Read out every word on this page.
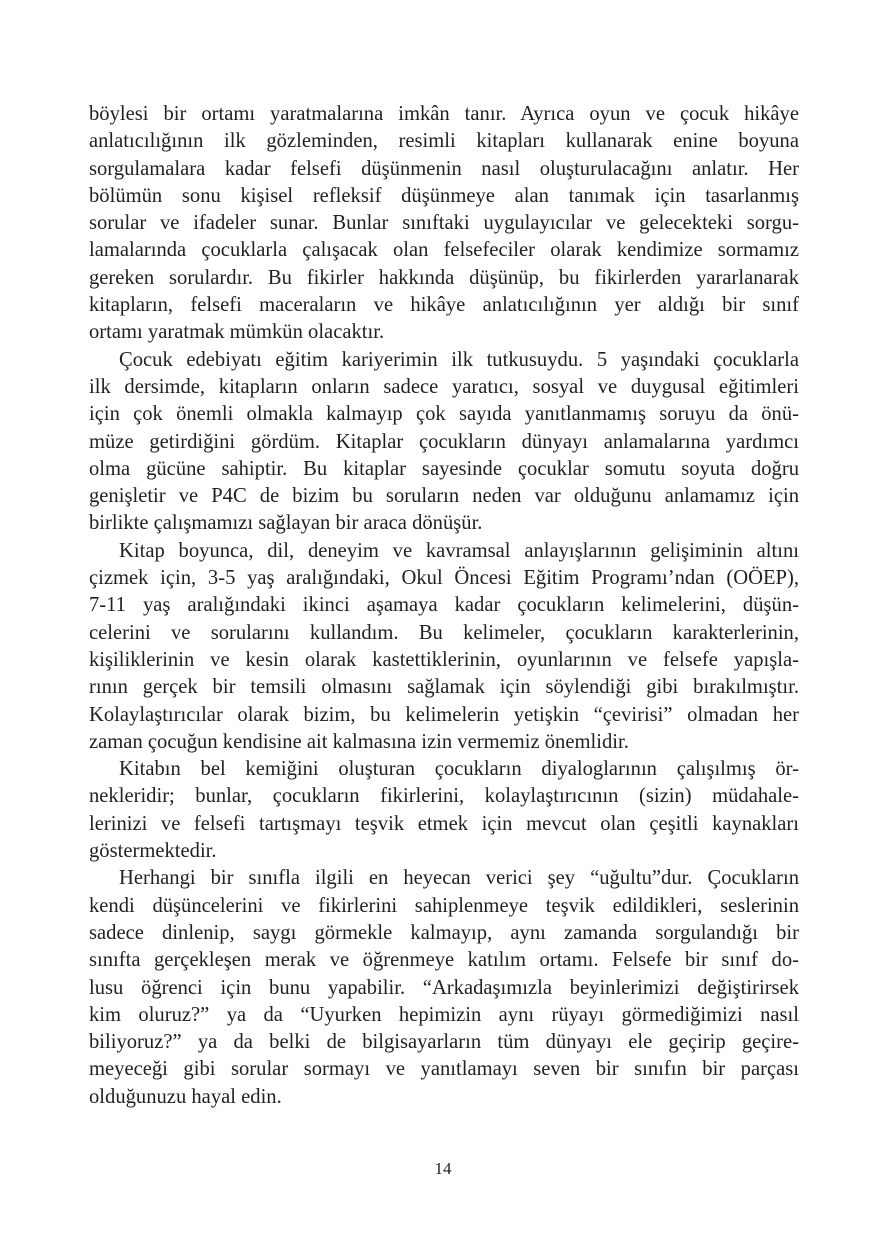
böylesi bir ortamı yaratmalarına imkân tanır. Ayrıca oyun ve çocuk hikâye
anlatıcılığının ilk gözleminden, resimli kitapları kullanarak enine boyuna
sorgulamalara kadar felsefi düşünmenin nasıl oluşturulacağını anlatır. Her
bölümün sonu kişisel refleksif düşünmeye alan tanımak için tasarlanmış
sorular ve ifadeler sunar. Bunlar sınıftaki uygulayıcılar ve gelecekteki sorgu-
lamalarında çocuklarla çalışacak olan felsefeciler olarak kendimize sormamız
gereken sorulardır. Bu fikirler hakkında düşünüp, bu fikirlerden yararlanarak
kitapların, felsefi maceraların ve hikâye anlatıcılığının yer aldığı bir sınıf
ortamı yaratmak mümkün olacaktır.
Çocuk edebiyatı eğitim kariyerimin ilk tutkusuydu. 5 yaşındaki çocuklarla
ilk dersimde, kitapların onların sadece yaratıcı, sosyal ve duygusal eğitimleri
için çok önemli olmakla kalmayıp çok sayıda yanıtlanmamış soruyu da önü-
müze getirdiğini gördüm. Kitaplar çocukların dünyayı anlamalarına yardımcı
olma gücüne sahiptir. Bu kitaplar sayesinde çocuklar somutu soyuta doğru
genişletir ve P4C de bizim bu soruların neden var olduğunu anlamamız için
birlikte çalışmamızı sağlayan bir araca dönüşür.
Kitap boyunca, dil, deneyim ve kavramsal anlayışlarının gelişiminin altını
çizmek için, 3-5 yaş aralığındaki, Okul Öncesi Eğitim Programı’ndan (OÖEP),
7-11 yaş aralığındaki ikinci aşamaya kadar çocukların kelimelerini, düşün-
celerini ve sorularını kullandım. Bu kelimeler, çocukların karakterlerinin,
kişiliklerinin ve kesin olarak kastettiklerinin, oyunlarının ve felsefe yapışla-
rının gerçek bir temsili olmasını sağlamak için söylendiği gibi bırakılmıştır.
Kolaylaştırıcılar olarak bizim, bu kelimelerin yetişkin “çevirisi” olmadan her
zaman çocuğun kendisine ait kalmasına izin vermemiz önemlidir.
Kitabın bel kemiğini oluşturan çocukların diyaloglarının çalışılmış ör-
nekleridir; bunlar, çocukların fikirlerini, kolaylaştırıcının (sizin) müdahale-
lerinizi ve felsefi tartışmayı teşvik etmek için mevcut olan çeşitli kaynakları
göstermektedir.
Herhangi bir sınıfla ilgili en heyecan verici şey “uğultu”dur. Çocukların
kendi düşüncelerini ve fikirlerini sahiplenmeye teşvik edildikleri, seslerinin
sadece dinlenip, saygı görmekle kalmayıp, aynı zamanda sorgulandığı bir
sınıfta gerçekleşen merak ve öğrenmeye katılım ortamı. Felsefe bir sınıf do-
lusu öğrenci için bunu yapabilir. “Arkadaşımızla beyinlerimizi değiştirirsek
kim oluruz?” ya da “Uyurken hepimizin aynı rüyayı görmediğimizi nasıl
biliyoruz?” ya da belki de bilgisayarların tüm dünyayı ele geçirip geçire-
meyeceği gibi sorular sormayı ve yanıtlamayı seven bir sınıfın bir parçası
olduğunuzu hayal edin.
14
